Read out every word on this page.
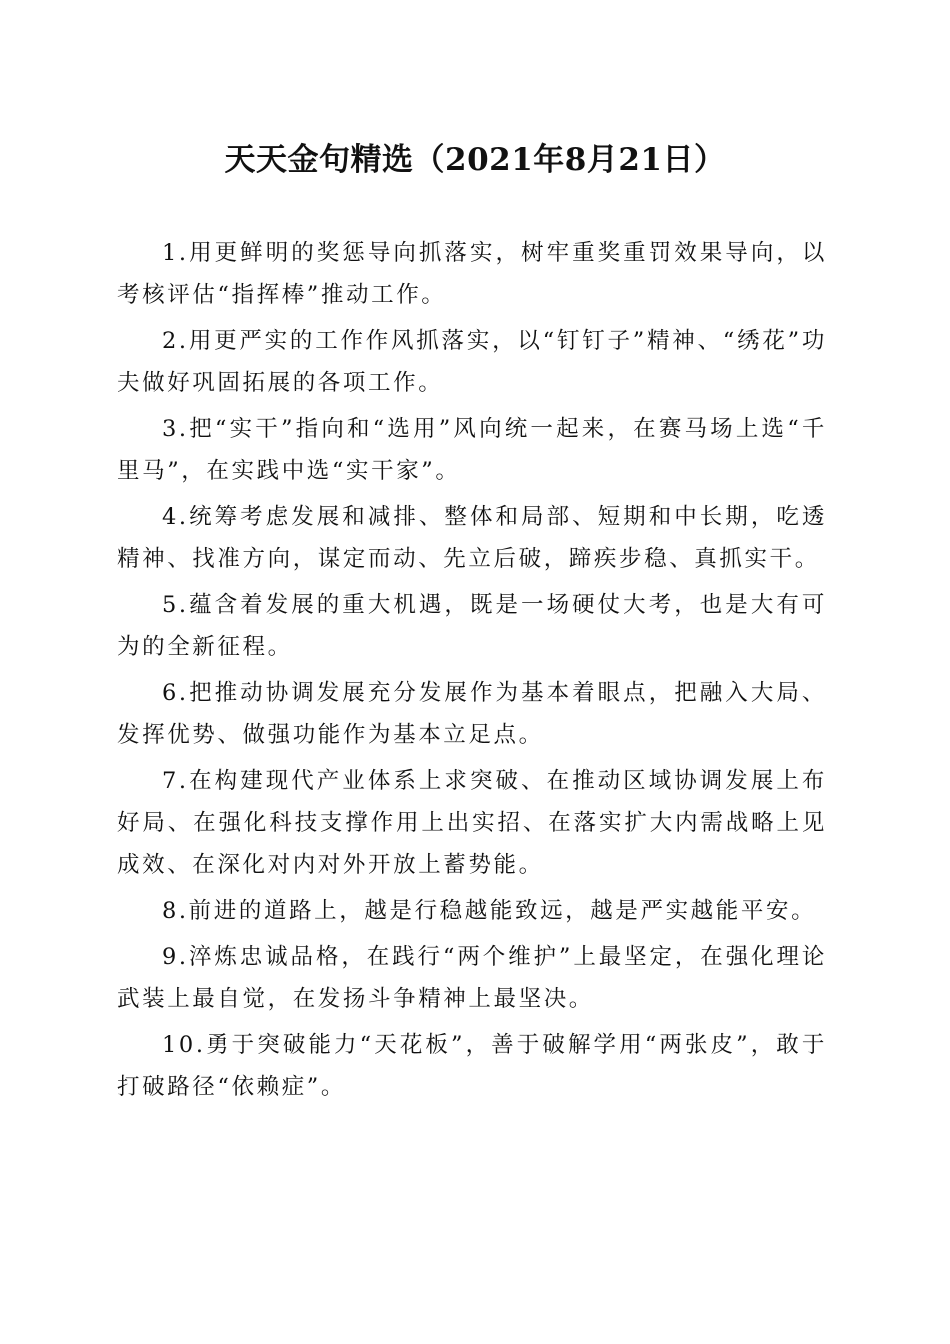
天天金句精选（2021年8月21日）

1.用更鲜明的奖惩导向抓落实，树牢重奖重罚效果导向，以考核评估“指挥棒”推动工作。

2.用更严实的工作作风抓落实，以“钉钉子”精神、“绣花”功夫做好巩固拓展的各项工作。

3.把“实干”指向和“选用”风向统一起来，在赛马场上选“千里马”，在实践中选“实干家”。

4.统筹考虑发展和减排、整体和局部、短期和中长期，吃透精神、找准方向，谋定而动、先立后破，蹄疾步稳、真抓实干。

5.蕴含着发展的重大机遇，既是一场硬仗大考，也是大有可为的全新征程。

6.把推动协调发展充分发展作为基本着眼点，把融入大局、发挥优势、做强功能作为基本立足点。

7.在构建现代产业体系上求突破、在推动区域协调发展上布好局、在强化科技支撑作用上出实招、在落实扩大内需战略上见成效、在深化对内对外开放上蓄势能。

8.前进的道路上，越是行稳越能致远，越是严实越能平安。

9.淬炼忠诚品格，在践行“两个维护”上最坚定，在强化理论武装上最自觉，在发扬斗争精神上最坚决。

10.勇于突破能力“天花板”，善于破解学用“两张皮”，敢于打破路径“依赖症”。
